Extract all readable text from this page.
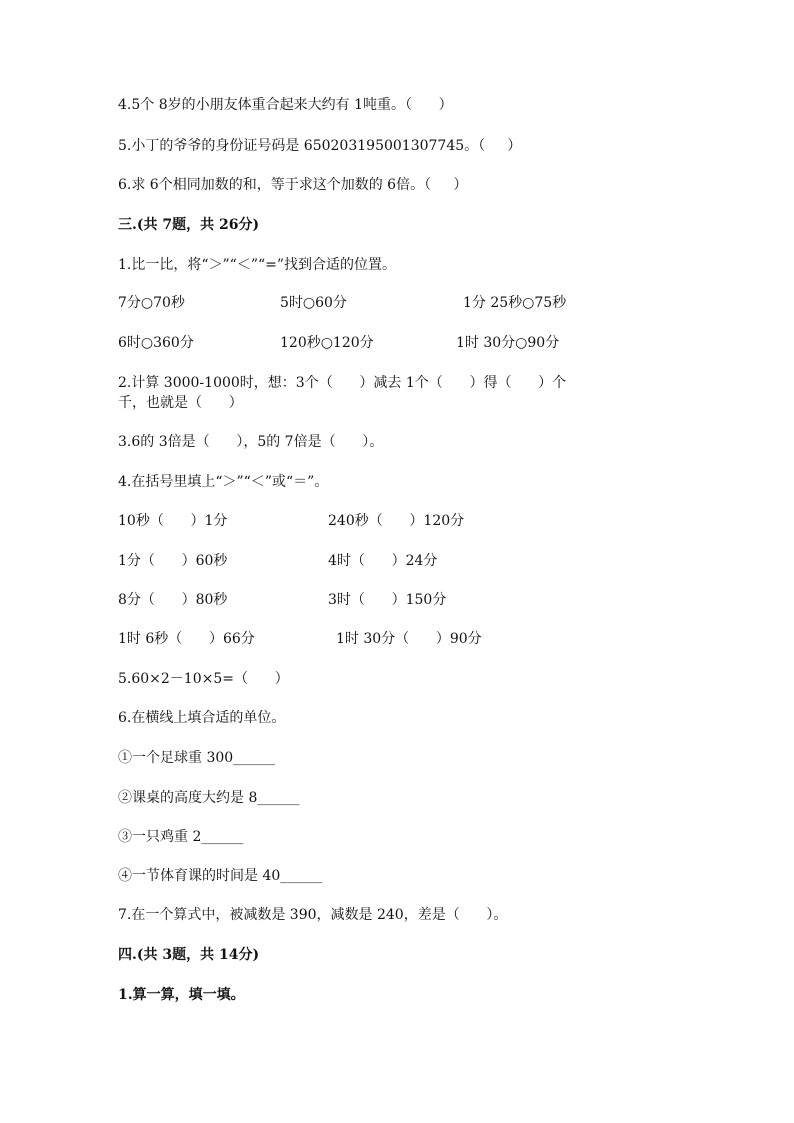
4.5个 8岁的小朋友体重合起来大约有 1吨重。（      ）
5.小丁的爷爷的身份证号码是 650203195001307745。（     ）
6.求 6个相同加数的和，等于求这个加数的 6倍。（     ）
三.(共 7题，共 26分)
1.比一比，将“＞”“＜”“=”找到合适的位置。
7分○70秒	5时○60分	1分 25秒○75秒
6时○360分	120秒○120分	1时 30分○90分
2.计算 3000-1000时，想：3个（      ）减去 1个（      ）得（      ）个
千，也就是（      ）
3.6的 3倍是（      ），5的 7倍是（      ）。
4.在括号里填上“＞”“＜”或“＝”。
10秒（      ）1分	240秒（      ）120分
1分（      ）60秒	4时（      ）24分
8分（      ）80秒	3时（      ）150分
1时 6秒（      ）66分	1时 30分（      ）90分
5.60×2－10×5=（      ）
6.在横线上填合适的单位。
①一个足球重 300______
②课桌的高度大约是 8______
③一只鸡重 2______
④一节体育课的时间是 40______
7.在一个算式中，被减数是 390，减数是 240，差是（      ）。
四.(共 3题，共 14分)
1.算一算，填一填。
